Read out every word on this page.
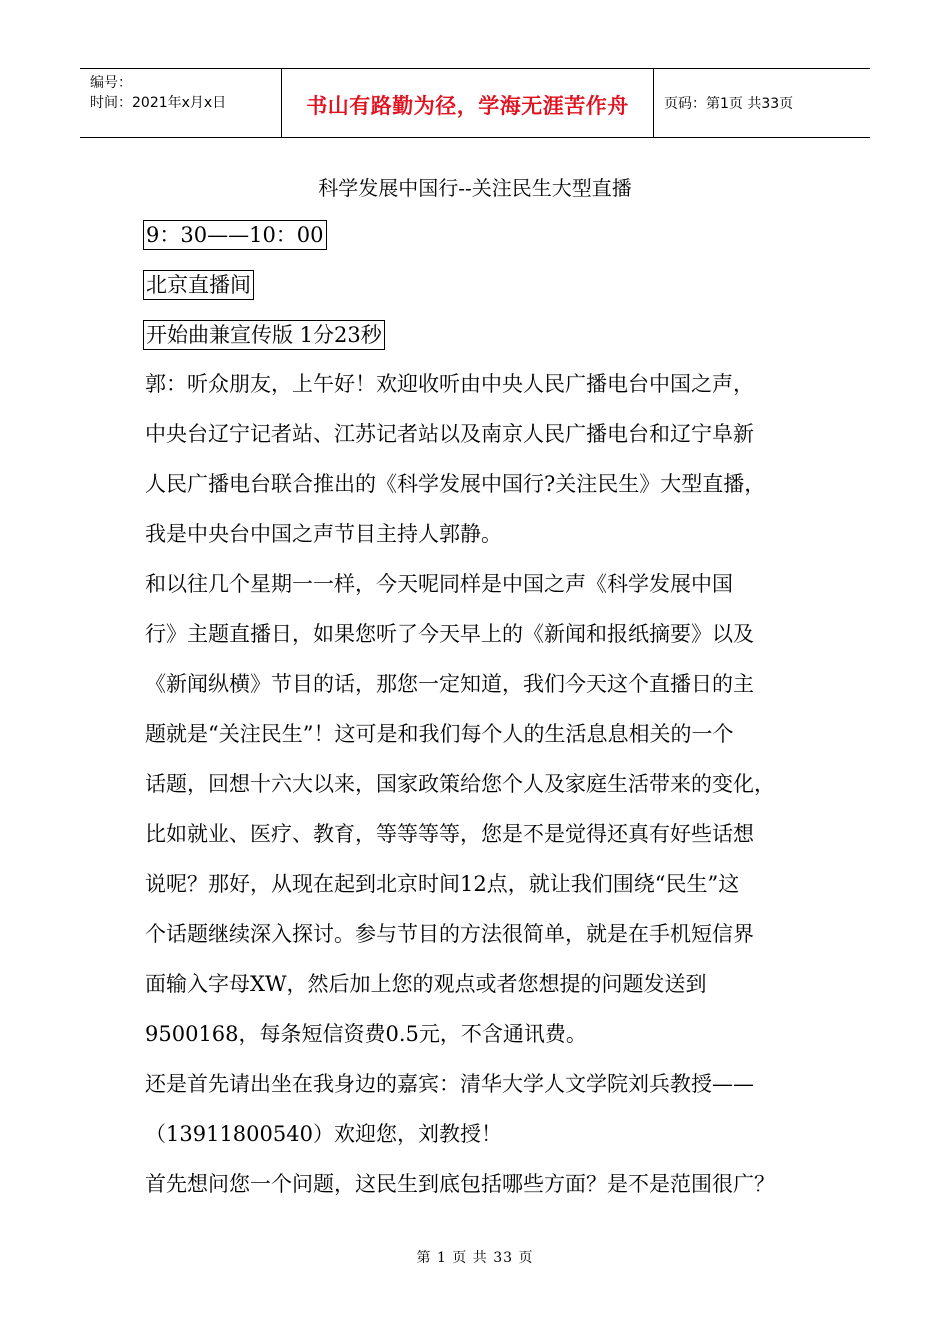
编号：
时间：2021年x月x日	书山有路勤为径，学海无涯苦作舟	页码：第1页 共33页
科学发展中国行--关注民生大型直播
9：30——10：00
北京直播间
开始曲兼宣传版 1分23秒
郭：听众朋友，上午好！欢迎收听由中央人民广播电台中国之声，
中央台辽宁记者站、江苏记者站以及南京人民广播电台和辽宁阜新
人民广播电台联合推出的《科学发展中国行?关注民生》大型直播，
我是中央台中国之声节目主持人郭静。
和以往几个星期一一样，今天呢同样是中国之声《科学发展中国
行》主题直播日，如果您听了今天早上的《新闻和报纸摘要》以及
《新闻纵横》节目的话，那您一定知道，我们今天这个直播日的主
题就是“关注民生”！这可是和我们每个人的生活息息相关的一个
话题，回想十六大以来，国家政策给您个人及家庭生活带来的变化，
比如就业、医疗、教育，等等等等，您是不是觉得还真有好些话想
说呢？那好，从现在起到北京时间12点，就让我们围绕“民生”这
个话题继续深入探讨。参与节目的方法很简单，就是在手机短信界
面输入字母XW，然后加上您的观点或者您想提的问题发送到
9500168，每条短信资费0.5元，不含通讯费。
还是首先请出坐在我身边的嘉宾：清华大学人文学院刘兵教授——
（13911800540）欢迎您，刘教授！
首先想问您一个问题，这民生到底包括哪些方面？是不是范围很广？
第 1 页 共 33 页
